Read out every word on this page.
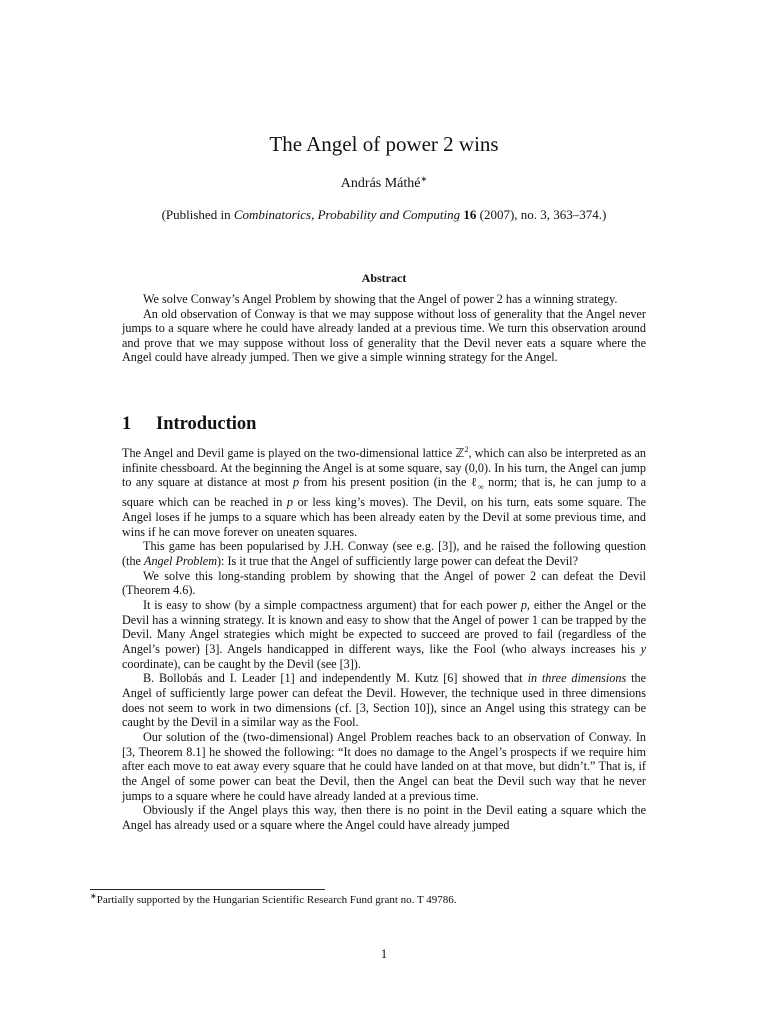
The Angel of power 2 wins
András Máthé∗
(Published in Combinatorics, Probability and Computing 16 (2007), no. 3, 363–374.)
Abstract

We solve Conway’s Angel Problem by showing that the Angel of power 2 has a winning strategy.

An old observation of Conway is that we may suppose without loss of generality that the Angel never jumps to a square where he could have already landed at a previous time. We turn this observation around and prove that we may suppose without loss of generality that the Devil never eats a square where the Angel could have already jumped. Then we give a simple winning strategy for the Angel.

1 Introduction

The Angel and Devil game is played on the two-dimensional lattice ℤ$^2$, which can also be interpreted as an infinite chessboard. At the beginning the Angel is at some square, say (0,0). In his turn, the Angel can jump to any square at distance at most p from his present position (in the ℓ$_\infty$ norm; that is, he can jump to a square which can be reached in p or less king’s moves). The Devil, on his turn, eats some square. The Angel loses if he jumps to a square which has been already eaten by the Devil at some previous time, and wins if he can move forever on uneaten squares.

This game has been popularised by J.H. Conway (see e.g. [3]), and he raised the following question (the Angel Problem): Is it true that the Angel of sufficiently large power can defeat the Devil?

We solve this long-standing problem by showing that the Angel of power 2 can defeat the Devil (Theorem 4.6).

It is easy to show (by a simple compactness argument) that for each power p, either the Angel or the Devil has a winning strategy. It is known and easy to show that the Angel of power 1 can be trapped by the Devil. Many Angel strategies which might be expected to succeed are proved to fail (regardless of the Angel’s power) [3]. Angels handicapped in different ways, like the Fool (who always increases his y coordinate), can be caught by the Devil (see [3]).

B. Bollobás and I. Leader [1] and independently M. Kutz [6] showed that in three dimensions the Angel of sufficiently large power can defeat the Devil. However, the technique used in three dimensions does not seem to work in two dimensions (cf. [3, Section 10]), since an Angel using this strategy can be caught by the Devil in a similar way as the Fool.

Our solution of the (two-dimensional) Angel Problem reaches back to an observation of Conway. In [3, Theorem 8.1] he showed the following: “It does no damage to the Angel’s prospects if we require him after each move to eat away every square that he could have landed on at that move, but didn’t.” That is, if the Angel of some power can beat the Devil, then the Angel can beat the Devil such way that he never jumps to a square where he could have already landed at a previous time.

Obviously if the Angel plays this way, then there is no point in the Devil eating a square which the Angel has already used or a square where the Angel could have already jumped

∗Partially supported by the Hungarian Scientific Research Fund grant no. T 49786.
1
